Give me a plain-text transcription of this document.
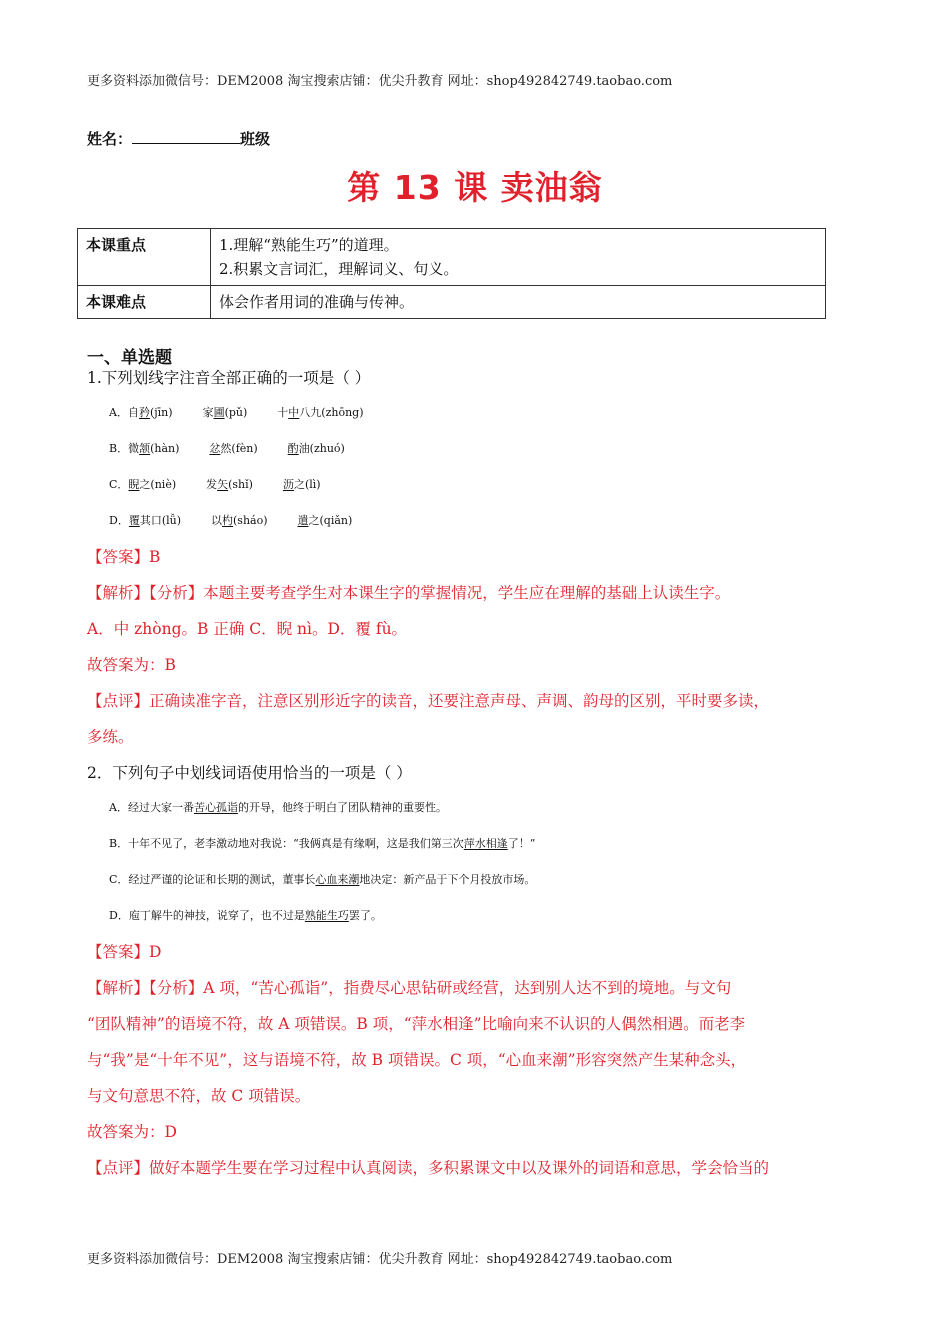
更多资料添加微信号：DEM2008 淘宝搜索店铺：优尖升教育 网址：shop492842749.taobao.com
姓名：	班级
第 13 课 卖油翁
本课重点	1.理解“熟能生巧”的道理。
2.积累文言词汇，理解词义、句义。

本课难点	体会作者用词的准确与传神。
一、单选题
1.下列划线字注音全部正确的一项是（ ）
A．自矜(jīn)	家圃(pǔ)	十中八九(zhōng)
B．微颔(hàn)	忿然(fèn)	酌油(zhuó)
C．睨之(niè)	发矢(shǐ)	沥之(lì)
D．覆其口(lǚ)	以杓(sháo)	遣之(qiǎn)
【答案】B
【解析】【分析】本题主要考查学生对本课生字的掌握情况，学生应在理解的基础上认读生字。
A．中 zhòng。B 正确 C．睨 nì。D．覆 fù。
故答案为：B
【点评】正确读准字音，注意区别形近字的读音，还要注意声母、声调、韵母的区别，平时要多读，
多练。
2．下列句子中划线词语使用恰当的一项是（ ）
A．经过大家一番苦心孤诣的开导，他终于明白了团队精神的重要性。
B．十年不见了，老李激动地对我说：“我俩真是有缘啊，这是我们第三次萍水相逢了！”
C．经过严谨的论证和长期的测试，董事长心血来潮地决定：新产品于下个月投放市场。
D．庖丁解牛的神技，说穿了，也不过是熟能生巧罢了。
【答案】D
【解析】【分析】A 项，“苦心孤诣”，指费尽心思钻研或经营，达到别人达不到的境地。与文句
“团队精神”的语境不符，故 A 项错误。B 项，“萍水相逢”比喻向来不认识的人偶然相遇。而老李
与“我”是“十年不见”，这与语境不符，故 B 项错误。C 项，“心血来潮”形容突然产生某种念头，
与文句意思不符，故 C 项错误。
故答案为：D
【点评】做好本题学生要在学习过程中认真阅读，多积累课文中以及课外的词语和意思，学会恰当的
更多资料添加微信号：DEM2008 淘宝搜索店铺：优尖升教育 网址：shop492842749.taobao.com
